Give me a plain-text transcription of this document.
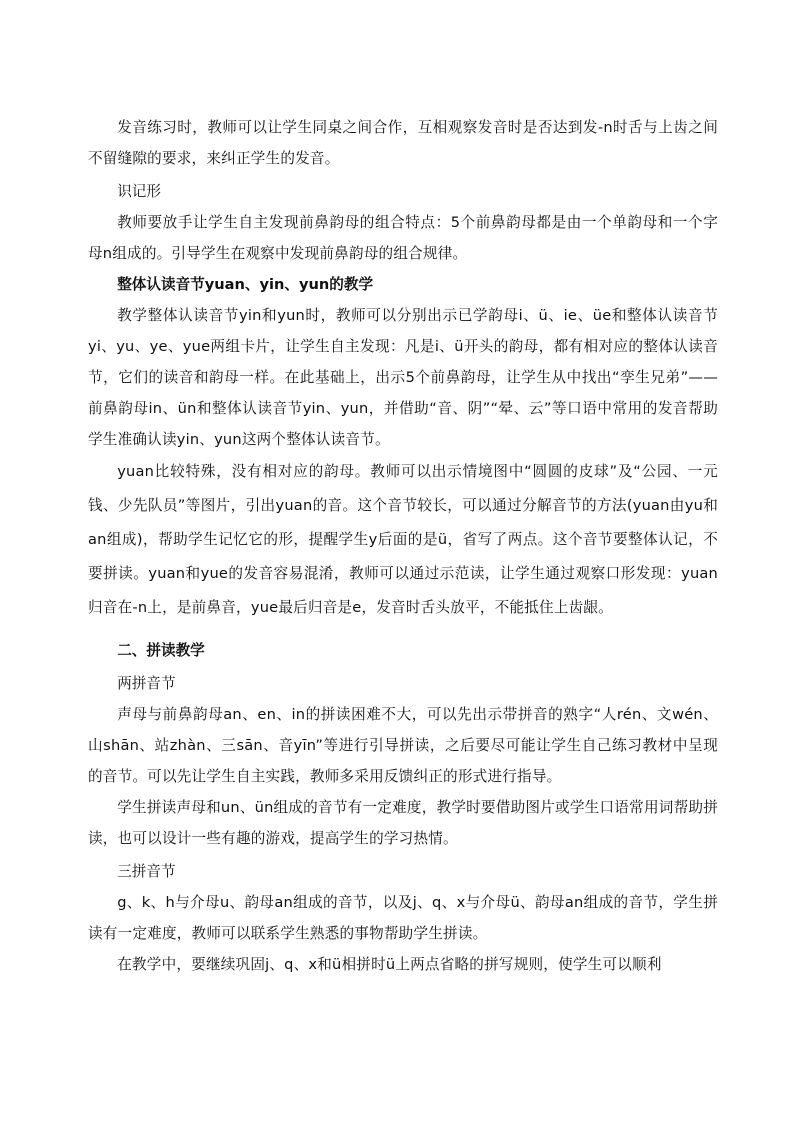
发音练习时，教师可以让学生同桌之间合作，互相观察发音时是否达到发-n时舌与上齿之间不留缝隙的要求，来纠正学生的发音。

识记形

教师要放手让学生自主发现前鼻韵母的组合特点：5个前鼻韵母都是由一个单韵母和一个字母n组成的。引导学生在观察中发现前鼻韵母的组合规律。

整体认读音节yuan、yin、yun的教学

教学整体认读音节yin和yun时，教师可以分别出示已学韵母i、ü、ie、üe和整体认读音节yi、yu、ye、yue两组卡片，让学生自主发现：凡是i、ü开头的韵母，都有相对应的整体认读音节，它们的读音和韵母一样。在此基础上，出示5个前鼻韵母，让学生从中找出“孪生兄弟”——前鼻韵母in、ün和整体认读音节yin、yun，并借助“音、阴”“晕、云”等口语中常用的发音帮助学生准确认读yin、yun这两个整体认读音节。

yuan比较特殊，没有相对应的韵母。教师可以出示情境图中“圆圆的皮球”及“公园、一元钱、少先队员”等图片，引出yuan的音。这个音节较长，可以通过分解音节的方法(yuan由yu和an组成)，帮助学生记忆它的形，提醒学生y后面的是ü，省写了两点。这个音节要整体认记，不要拼读。yuan和yue的发音容易混淆，教师可以通过示范读，让学生通过观察口形发现：yuan归音在-n上，是前鼻音，yue最后归音是e，发音时舌头放平，不能抵住上齿龈。

二、拼读教学

两拼音节

声母与前鼻韵母an、en、in的拼读困难不大，可以先出示带拼音的熟字“人rén、文wén、山shān、站zhàn、三sān、音yīn”等进行引导拼读，之后要尽可能让学生自己练习教材中呈现的音节。可以先让学生自主实践，教师多采用反馈纠正的形式进行指导。

学生拼读声母和un、ün组成的音节有一定难度，教学时要借助图片或学生口语常用词帮助拼读，也可以设计一些有趣的游戏，提高学生的学习热情。

三拼音节

g、k、h与介母u、韵母an组成的音节，以及j、q、x与介母ü、韵母an组成的音节，学生拼读有一定难度，教师可以联系学生熟悉的事物帮助学生拼读。

在教学中，要继续巩固j、q、x和ü相拼时ü上两点省略的拼写规则，使学生可以顺利
